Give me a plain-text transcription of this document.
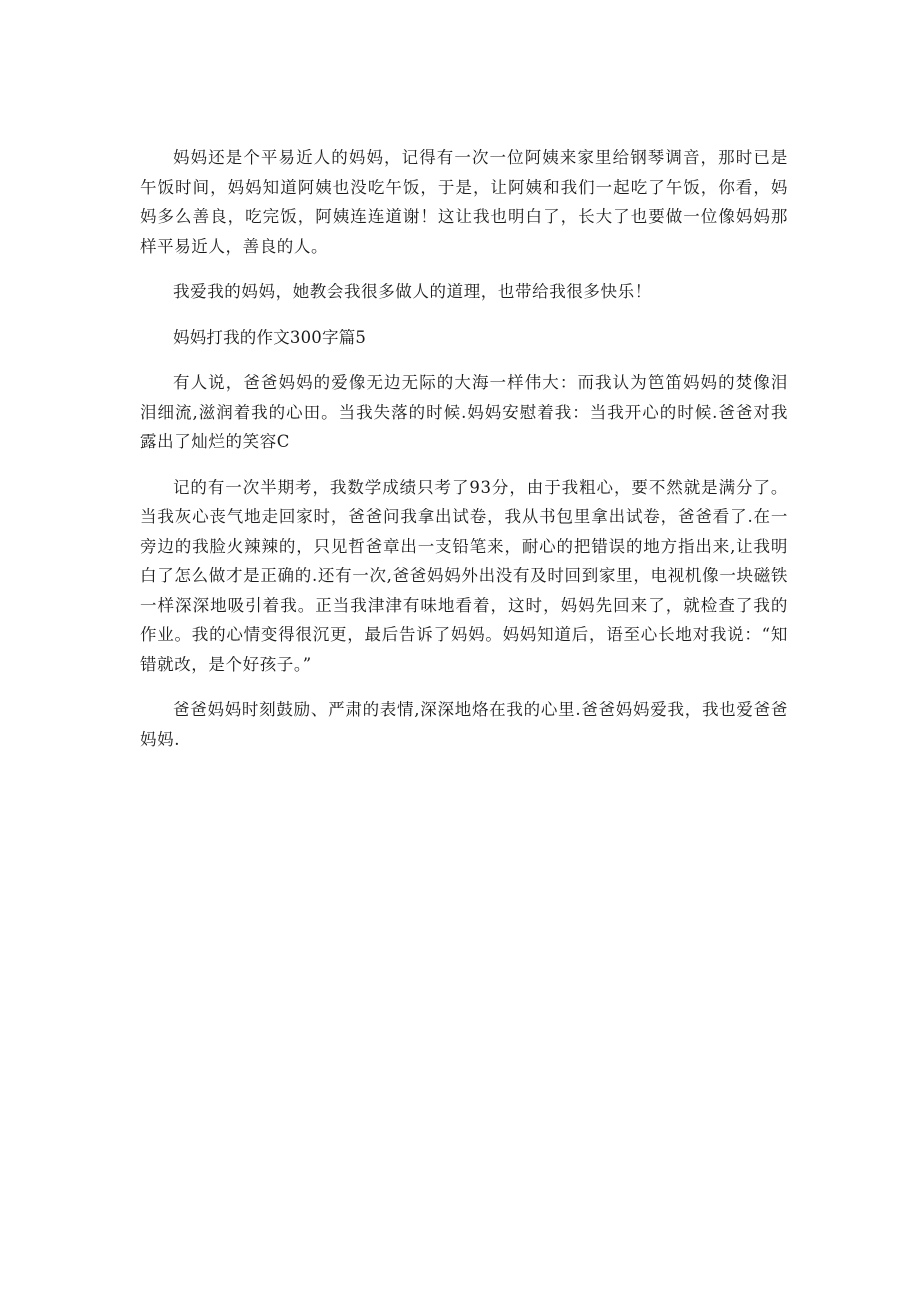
妈妈还是个平易近人的妈妈，记得有一次一位阿姨来家里给钢琴调音，那时已是午饭时间，妈妈知道阿姨也没吃午饭，于是，让阿姨和我们一起吃了午饭，你看，妈妈多么善良，吃完饭，阿姨连连道谢！这让我也明白了，长大了也要做一位像妈妈那样平易近人，善良的人。

我爱我的妈妈，她教会我很多做人的道理，也带给我很多快乐！

妈妈打我的作文300字篇5

有人说，爸爸妈妈的爱像无边无际的大海一样伟大：而我认为笆笛妈妈的焚像泪泪细流,滋润着我的心田。当我失落的时候.妈妈安慰着我：当我开心的时候.爸爸对我露出了灿烂的笑容C

记的有一次半期考，我数学成绩只考了93分，由于我粗心，要不然就是满分了。当我灰心丧气地走回家时，爸爸问我拿出试卷，我从书包里拿出试卷，爸爸看了.在一旁边的我脸火辣辣的，只见哲爸章出一支铅笔来，耐心的把错误的地方指出来,让我明白了怎么做才是正确的.还有一次,爸爸妈妈外出没有及时回到家里，电视机像一块磁铁一样深深地吸引着我。正当我津津有味地看着，这时，妈妈先回来了，就检查了我的作业。我的心情变得很沉更，最后告诉了妈妈。妈妈知道后，语至心长地对我说：“知错就改，是个好孩子。”

爸爸妈妈时刻鼓励、严肃的表情,深深地烙在我的心里.爸爸妈妈爱我，我也爱爸爸妈妈.
